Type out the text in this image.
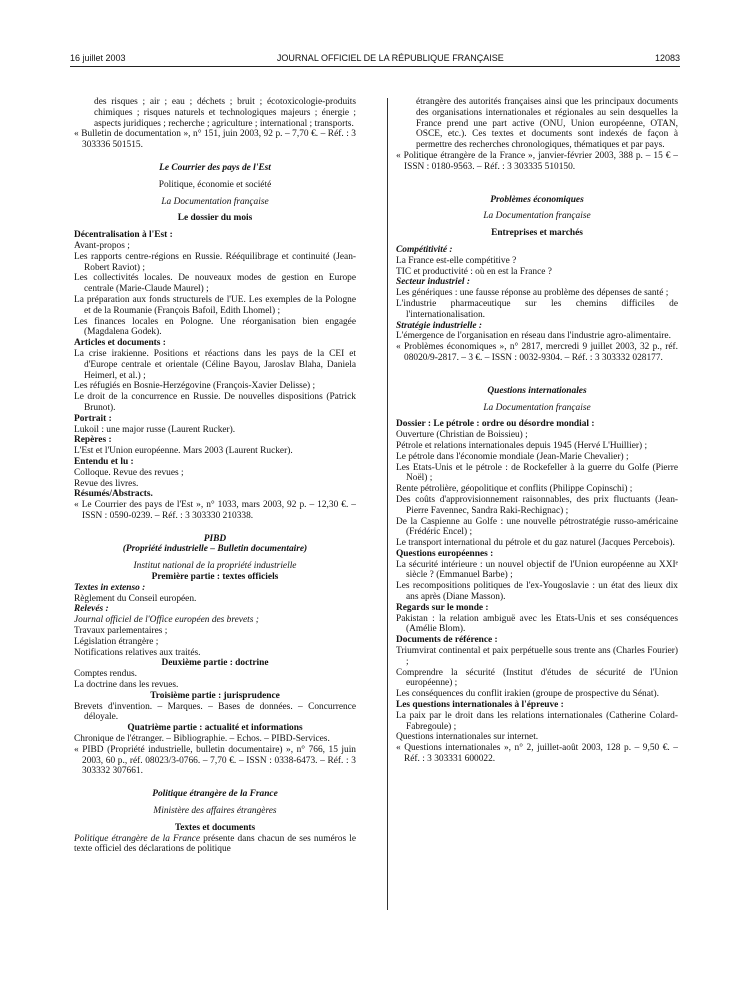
16 juillet 2003	JOURNAL OFFICIEL DE LA RÉPUBLIQUE FRANÇAISE	12083

des risques ; air ; eau ; déchets ; bruit ; écotoxicologie-produits chimiques ; risques naturels et technologiques majeurs ; énergie ; aspects juridiques ; recherche ; agriculture ; international ; transports.

« Bulletin de documentation », n° 151, juin 2003, 92 p. – 7,70 €. – Réf. : 3 303336 501515.

Le Courrier des pays de l'Est

Politique, économie et société

La Documentation française

Le dossier du mois

Décentralisation à l'Est :

Avant-propos ;

Les rapports centre-régions en Russie. Rééquilibrage et continuité (Jean-Robert Raviot) ;

Les collectivités locales. De nouveaux modes de gestion en Europe centrale (Marie-Claude Maurel) ;

La préparation aux fonds structurels de l'UE. Les exemples de la Pologne et de la Roumanie (François Bafoil, Edith Lhomel) ;

Les finances locales en Pologne. Une réorganisation bien engagée (Magdalena Godek).

Articles et documents :

La crise irakienne. Positions et réactions dans les pays de la CEI et d'Europe centrale et orientale (Céline Bayou, Jaroslav Blaha, Daniela Heimerl, et al.) ;

Les réfugiés en Bosnie-Herzégovine (François-Xavier Delisse) ;

Le droit de la concurrence en Russie. De nouvelles dispositions (Patrick Brunot).

Portrait :

Lukoil : une major russe (Laurent Rucker).

Repères :

L'Est et l'Union européenne. Mars 2003 (Laurent Rucker).

Entendu et lu :

Colloque. Revue des revues ;

Revue des livres.

Résumés/Abstracts.

« Le Courrier des pays de l'Est », n° 1033, mars 2003, 92 p. – 12,30 €. – ISSN : 0590-0239. – Réf. : 3 303330 210338.

PIBD

(Propriété industrielle – Bulletin documentaire)

Institut national de la propriété industrielle

Première partie : textes officiels

Textes in extenso :

Règlement du Conseil européen.

Relevés :

Journal officiel de l'Office européen des brevets ;

Travaux parlementaires ;

Législation étrangère ;

Notifications relatives aux traités.

Deuxième partie : doctrine

Comptes rendus.

La doctrine dans les revues.

Troisième partie : jurisprudence

Brevets d'invention. – Marques. – Bases de données. – Concurrence déloyale.

Quatrième partie : actualité et informations

Chronique de l'étranger. – Bibliographie. – Echos. – PIBD-Services.

« PIBD (Propriété industrielle, bulletin documentaire) », n° 766, 15 juin 2003, 60 p., réf. 08023/3-0766. – 7,70 €. – ISSN : 0338-6473. – Réf. : 3 303332 307661.

Politique étrangère de la France

Ministère des affaires étrangères

Textes et documents

Politique étrangère de la France présente dans chacun de ses numéros le texte officiel des déclarations de politique

étrangère des autorités françaises ainsi que les principaux documents des organisations internationales et régionales au sein desquelles la France prend une part active (ONU, Union européenne, OTAN, OSCE, etc.). Ces textes et documents sont indexés de façon à permettre des recherches chronologiques, thématiques et par pays.

« Politique étrangère de la France », janvier-février 2003, 388 p. – 15 € – ISSN : 0180-9563. – Réf. : 3 303335 510150.

Problèmes économiques

La Documentation française

Entreprises et marchés

Compétitivité :

La France est-elle compétitive ?

TIC et productivité : où en est la France ?

Secteur industriel :

Les génériques : une fausse réponse au problème des dépenses de santé ;

L'industrie pharmaceutique sur les chemins difficiles de l'internationalisation.

Stratégie industrielle :

L'émergence de l'organisation en réseau dans l'industrie agro-alimentaire.

« Problèmes économiques », n° 2817, mercredi 9 juillet 2003, 32 p., réf. 08020/9-2817. – 3 €. – ISSN : 0032-9304. – Réf. : 3 303332 028177.

Questions internationales

La Documentation française

Dossier : Le pétrole : ordre ou désordre mondial :

Ouverture (Christian de Boissieu) ;

Pétrole et relations internationales depuis 1945 (Hervé L'Huillier) ;

Le pétrole dans l'économie mondiale (Jean-Marie Chevalier) ;

Les Etats-Unis et le pétrole : de Rockefeller à la guerre du Golfe (Pierre Noël) ;

Rente pétrolière, géopolitique et conflits (Philippe Copinschi) ;

Des coûts d'approvisionnement raisonnables, des prix fluctuants (Jean-Pierre Favennec, Sandra Raki-Rechignac) ;

De la Caspienne au Golfe : une nouvelle pétrostratégie russo-américaine (Frédéric Encel) ;

Le transport international du pétrole et du gaz naturel (Jacques Percebois).

Questions européennes :

La sécurité intérieure : un nouvel objectif de l'Union européenne au XXIᵉ siècle ? (Emmanuel Barbe) ;

Les recompositions politiques de l'ex-Yougoslavie : un état des lieux dix ans après (Diane Masson).

Regards sur le monde :

Pakistan : la relation ambiguë avec les Etats-Unis et ses conséquences (Amélie Blom).

Documents de référence :

Triumvirat continental et paix perpétuelle sous trente ans (Charles Fourier) ;

Comprendre la sécurité (Institut d'études de sécurité de l'Union européenne) ;

Les conséquences du conflit irakien (groupe de prospective du Sénat).

Les questions internationales à l'épreuve :

La paix par le droit dans les relations internationales (Catherine Colard-Fabregoule) ;

Questions internationales sur internet.

« Questions internationales », n° 2, juillet-août 2003, 128 p. – 9,50 €. – Réf. : 3 303331 600022.
